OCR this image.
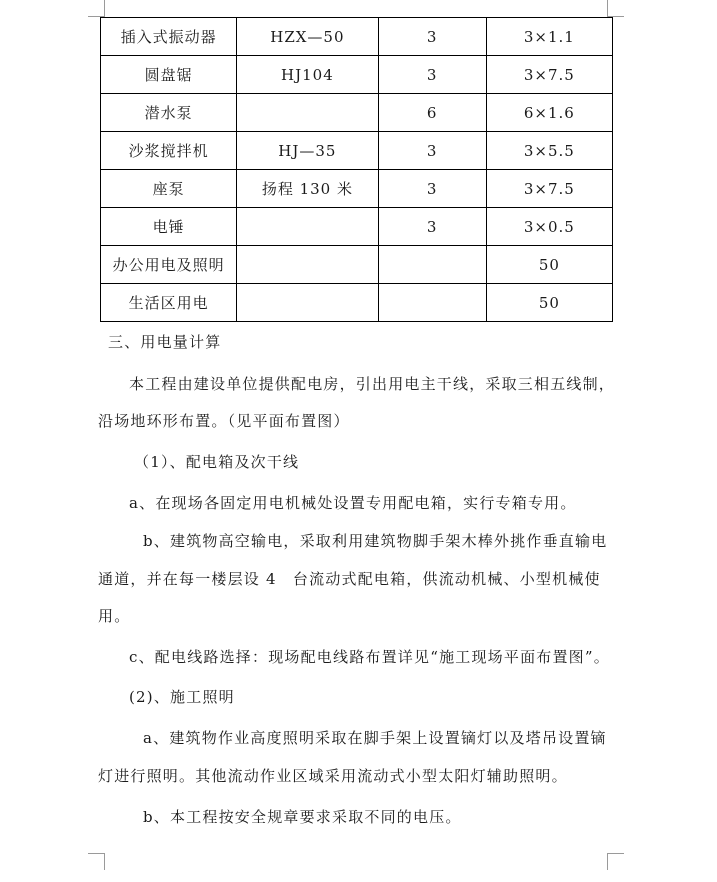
插入式振动器	HZX—50	3	3×1.1
圆盘锯	HJ104	3	3×7.5
潜水泵		6	6×1.6
沙浆搅拌机	HJ—35	3	3×5.5
座泵	扬程 130 米	3	3×7.5
电锤		3	3×0.5
办公用电及照明			50
生活区用电			50

三、用电量计算

本工程由建设单位提供配电房，引出用电主干线，采取三相五线制，

沿场地环形布置。（见平面布置图）

（1）、配电箱及次干线

a、在现场各固定用电机械处设置专用配电箱，实行专箱专用。

b、建筑物高空输电，采取利用建筑物脚手架木棒外挑作垂直输电

通道，并在每一楼层设 4　台流动式配电箱，供流动机械、小型机械使

用。

c、配电线路选择：现场配电线路布置详见“施工现场平面布置图”。

(2)、施工照明

a、建筑物作业高度照明采取在脚手架上设置镝灯以及塔吊设置镝

灯进行照明。其他流动作业区域采用流动式小型太阳灯辅助照明。

b、本工程按安全规章要求采取不同的电压。
